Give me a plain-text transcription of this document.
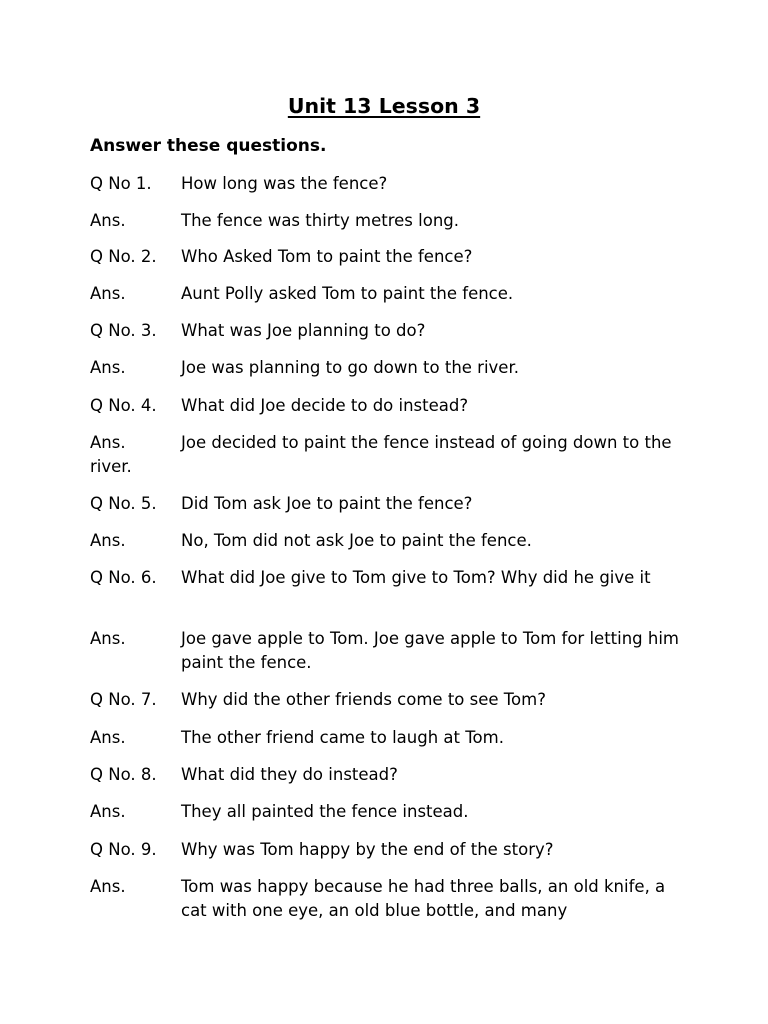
Unit 13 Lesson 3
Answer these questions.

Q No 1. How long was the fence?

Ans.	The fence was thirty metres long.

Q No. 2. Who Asked Tom to paint the fence?

Ans.	Aunt Polly asked Tom to paint the fence.

Q No. 3. What was Joe planning to do?

Ans.	Joe was planning to go down to the river.

Q No. 4. What did Joe decide to do instead?

Ans.	Joe decided to paint the fence instead of going down to the river.

Q No. 5. Did Tom ask Joe to paint the fence?

Ans.	No, Tom did not ask Joe to paint the fence.

Q No. 6. What did Joe give to Tom give to Tom? Why did he give it

Ans.	Joe gave apple to Tom. Joe gave apple to Tom for letting him paint the fence.

Q No. 7. Why did the other friends come to see Tom?

Ans.	The other friend came to laugh at Tom.

Q No. 8. What did they do instead?

Ans.	They all painted the fence instead.

Q No. 9. Why was Tom happy by the end of the story?

Ans.	Tom was happy because he had three balls, an old knife, a cat with one eye, an old blue bottle, and many
